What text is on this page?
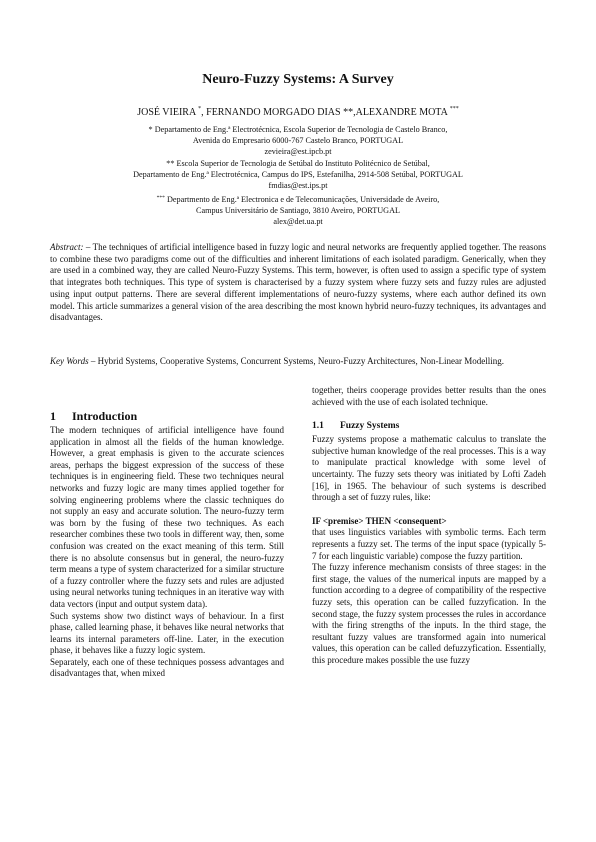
Neuro-Fuzzy Systems: A Survey
JOSÉ VIEIRA *, FERNANDO MORGADO DIAS **,ALEXANDRE MOTA ***
* Departamento de Eng.ª Electrotécnica, Escola Superior de Tecnologia de Castelo Branco,
Avenida do Empresario 6000-767 Castelo Branco, PORTUGAL
zevieira@est.ipcb.pt
** Escola Superior de Tecnologia de Setúbal do Instituto Politécnico de Setúbal,
Departamento de Eng.ª Electrotécnica, Campus do IPS, Estefanilha, 2914-508 Setúbal, PORTUGAL
fmdias@est.ips.pt
*** Departmento de Eng.ª Electronica e de Telecomunicações, Universidade de Aveiro,
Campus Universitário de Santiago, 3810 Aveiro, PORTUGAL
alex@det.ua.pt
Abstract: – The techniques of artificial intelligence based in fuzzy logic and neural networks are frequently applied together. The reasons to combine these two paradigms come out of the difficulties and inherent limitations of each isolated paradigm. Generically, when they are used in a combined way, they are called Neuro-Fuzzy Systems. This term, however, is often used to assign a specific type of system that integrates both techniques. This type of system is characterised by a fuzzy system where fuzzy sets and fuzzy rules are adjusted using input output patterns. There are several different implementations of neuro-fuzzy systems, where each author defined its own model. This article summarizes a general vision of the area describing the most known hybrid neuro-fuzzy techniques, its advantages and disadvantages.
Key Words – Hybrid Systems, Cooperative Systems, Concurrent Systems, Neuro-Fuzzy Architectures, Non-Linear Modelling.
1 Introduction

The modern techniques of artificial intelligence have found application in almost all the fields of the human knowledge. However, a great emphasis is given to the accurate sciences areas, perhaps the biggest expression of the success of these techniques is in engineering field. These two techniques neural networks and fuzzy logic are many times applied together for solving engineering problems where the classic techniques do not supply an easy and accurate solution. The neuro-fuzzy term was born by the fusing of these two techniques. As each researcher combines these two tools in different way, then, some confusion was created on the exact meaning of this term. Still there is no absolute consensus but in general, the neuro-fuzzy term means a type of system characterized for a similar structure of a fuzzy controller where the fuzzy sets and rules are adjusted using neural networks tuning techniques in an iterative way with data vectors (input and output system data).

Such systems show two distinct ways of behaviour. In a first phase, called learning phase, it behaves like neural networks that learns its internal parameters off-line. Later, in the execution phase, it behaves like a fuzzy logic system.

Separately, each one of these techniques possess advantages and disadvantages that, when mixed

together, theirs cooperage provides better results than the ones achieved with the use of each isolated technique.

1.1 Fuzzy Systems

Fuzzy systems propose a mathematic calculus to translate the subjective human knowledge of the real processes. This is a way to manipulate practical knowledge with some level of uncertainty. The fuzzy sets theory was initiated by Lofti Zadeh [16], in 1965. The behaviour of such systems is described through a set of fuzzy rules, like:

IF <premise> THEN <consequent>

that uses linguistics variables with symbolic terms. Each term represents a fuzzy set. The terms of the input space (typically 5-7 for each linguistic variable) compose the fuzzy partition.

The fuzzy inference mechanism consists of three stages: in the first stage, the values of the numerical inputs are mapped by a function according to a degree of compatibility of the respective fuzzy sets, this operation can be called fuzzyfication. In the second stage, the fuzzy system processes the rules in accordance with the firing strengths of the inputs. In the third stage, the resultant fuzzy values are transformed again into numerical values, this operation can be called defuzzyfication. Essentially, this procedure makes possible the use fuzzy
